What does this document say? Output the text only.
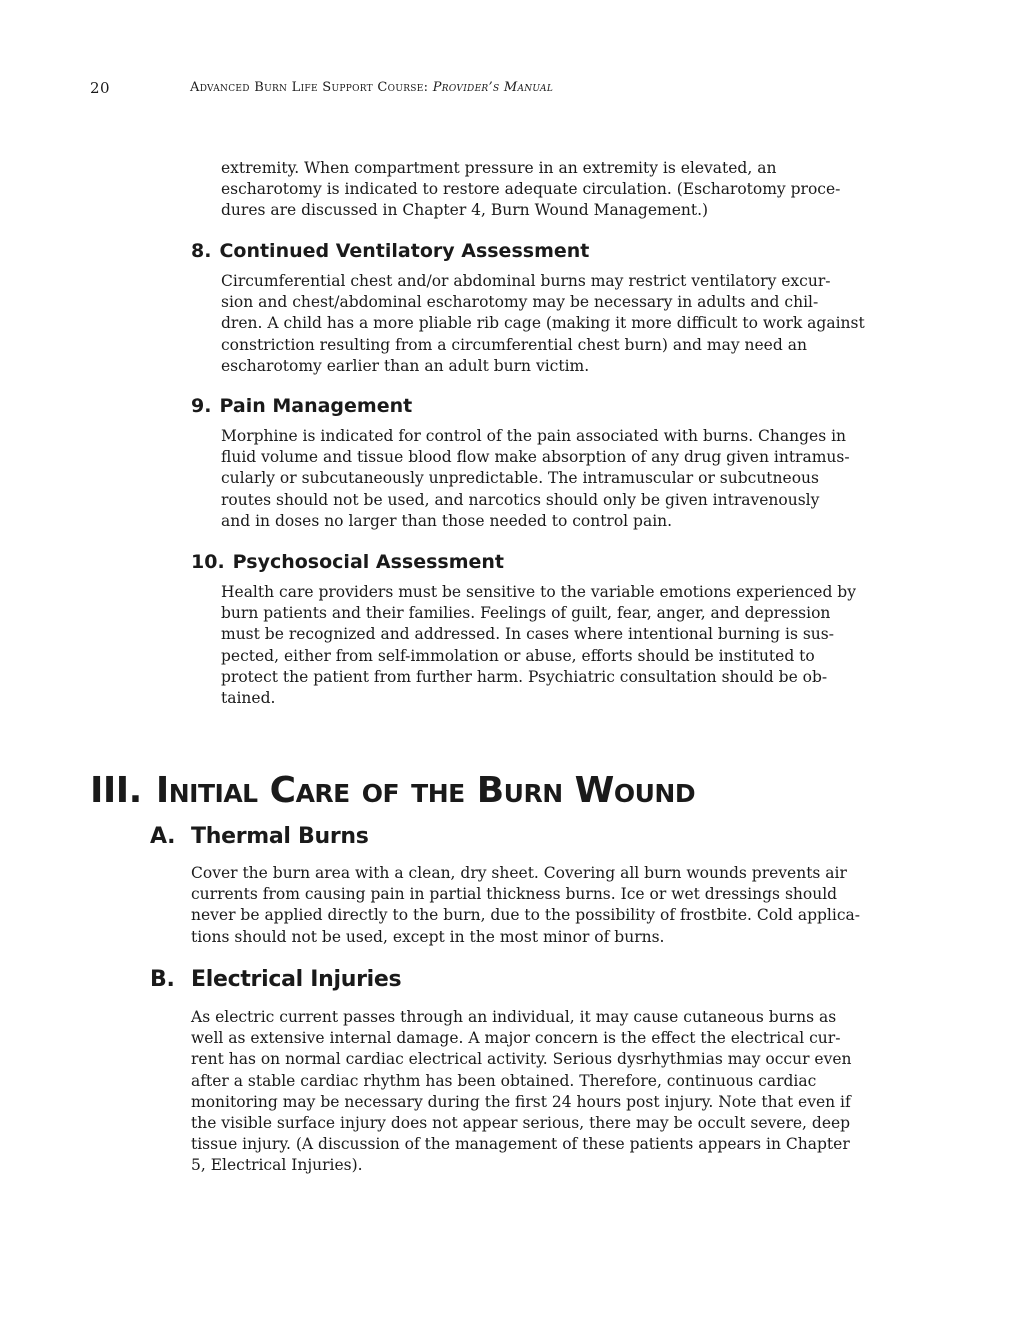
20	Advanced Burn Life Support Course: Provider’s Manual

extremity. When compartment pressure in an extremity is elevated, an
escharotomy is indicated to restore adequate circulation. (Escharotomy proce-
dures are discussed in Chapter 4, Burn Wound Management.)

8. Continued Ventilatory Assessment

Circumferential chest and/or abdominal burns may restrict ventilatory excur-
sion and chest/abdominal escharotomy may be necessary in adults and chil-
dren. A child has a more pliable rib cage (making it more difficult to work against
constriction resulting from a circumferential chest burn) and may need an
escharotomy earlier than an adult burn victim.

9. Pain Management

Morphine is indicated for control of the pain associated with burns. Changes in
fluid volume and tissue blood flow make absorption of any drug given intramus-
cularly or subcutaneously unpredictable. The intramuscular or subcutneous
routes should not be used, and narcotics should only be given intravenously
and in doses no larger than those needed to control pain.

10. Psychosocial Assessment

Health care providers must be sensitive to the variable emotions experienced by
burn patients and their families. Feelings of guilt, fear, anger, and depression
must be recognized and addressed. In cases where intentional burning is sus-
pected, either from self-immolation or abuse, efforts should be instituted to
protect the patient from further harm. Psychiatric consultation should be ob-
tained.

III. Initial Care of the Burn Wound
A. Thermal Burns

Cover the burn area with a clean, dry sheet. Covering all burn wounds prevents air
currents from causing pain in partial thickness burns. Ice or wet dressings should
never be applied directly to the burn, due to the possibility of frostbite. Cold applica-
tions should not be used, except in the most minor of burns.

B. Electrical Injuries

As electric current passes through an individual, it may cause cutaneous burns as
well as extensive internal damage. A major concern is the effect the electrical cur-
rent has on normal cardiac electrical activity. Serious dysrhythmias may occur even
after a stable cardiac rhythm has been obtained. Therefore, continuous cardiac
monitoring may be necessary during the first 24 hours post injury. Note that even if
the visible surface injury does not appear serious, there may be occult severe, deep
tissue injury. (A discussion of the management of these patients appears in Chapter
5, Electrical Injuries).
